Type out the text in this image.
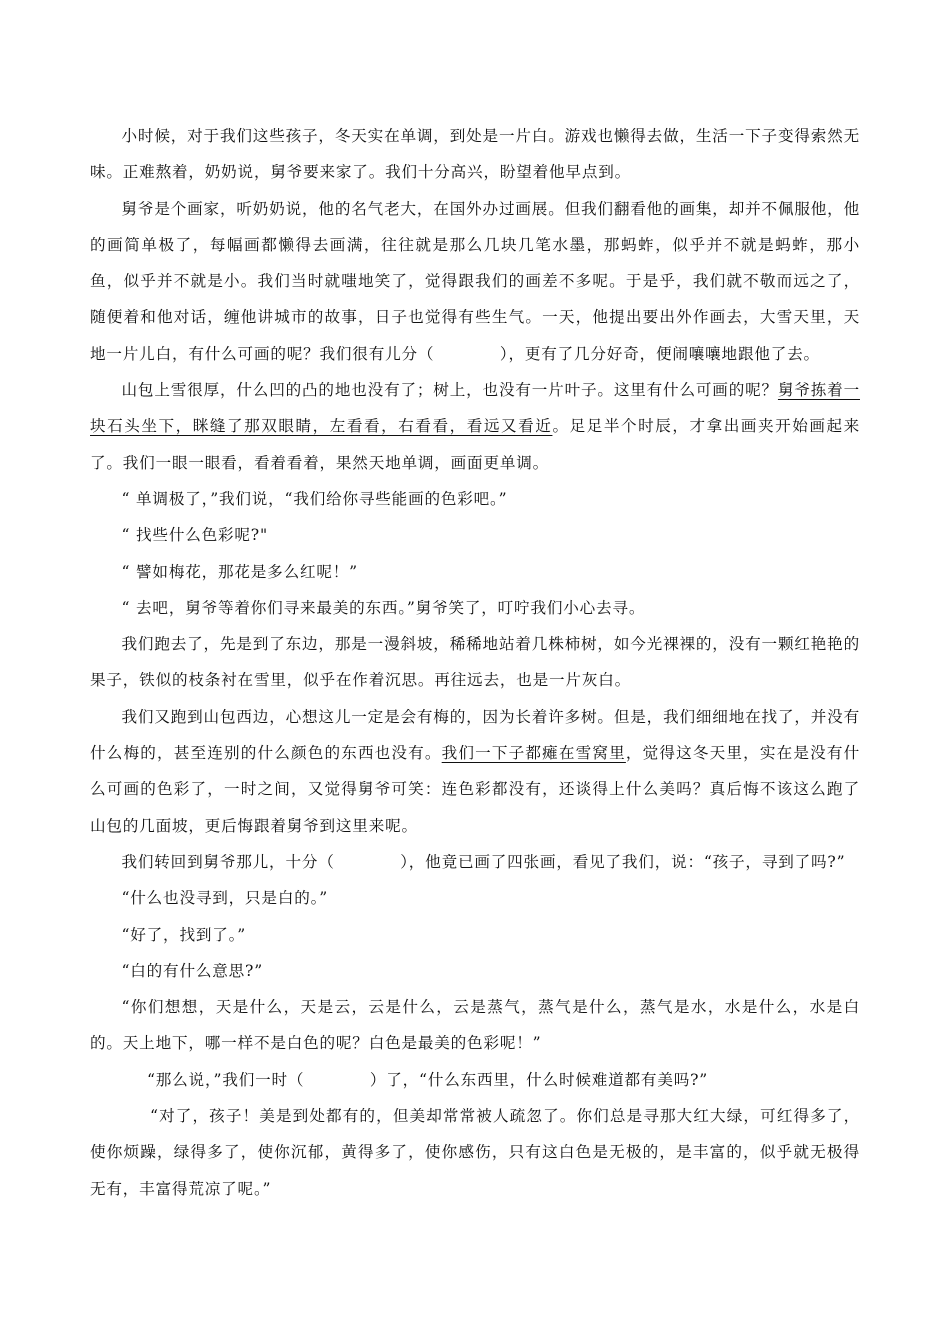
小时候，对于我们这些孩子，冬天实在单调，到处是一片白。游戏也懒得去做，生活一下子变得索然无味。正难熬着，奶奶说，舅爷要来家了。我们十分高兴，盼望着他早点到。

舅爷是个画家，听奶奶说，他的名气老大，在国外办过画展。但我们翻看他的画集，却并不佩服他，他的画简单极了，每幅画都懒得去画满，往往就是那么几块几笔水墨，那蚂蚱，似乎并不就是蚂蚱，那小鱼，似乎并不就是小。我们当时就嗤地笑了，觉得跟我们的画差不多呢。于是乎，我们就不敬而远之了，随便着和他对话，缠他讲城市的故事，日子也觉得有些生气。一天，他提出要出外作画去，大雪天里，天地一片儿白，有什么可画的呢？我们很有儿分（　　　　），更有了几分好奇，便闹嚷嚷地跟他了去。

山包上雪很厚，什么凹的凸的地也没有了；树上，也没有一片叶子。这里有什么可画的呢？舅爷拣着一块石头坐下，眯缝了那双眼睛，左看看，右看看，看远又看近。足足半个时辰，才拿出画夹开始画起来了。我们一眼一眼看，看着看着，果然天地单调，画面更单调。

“ 单调极了，”我们说，“我们给你寻些能画的色彩吧。”

“ 找些什么色彩呢?"

“ 譬如梅花，那花是多么红呢！”

“ 去吧，舅爷等着你们寻来最美的东西。”舅爷笑了，叮咛我们小心去寻。

我们跑去了，先是到了东边，那是一漫斜坡，稀稀地站着几株柿树，如今光裸裸的，没有一颗红艳艳的果子，铁似的枝条衬在雪里，似乎在作着沉思。再往远去，也是一片灰白。

我们又跑到山包西边，心想这儿一定是会有梅的，因为长着许多树。但是，我们细细地在找了，并没有什么梅的，甚至连别的什么颜色的东西也没有。我们一下子都瘫在雪窝里，觉得这冬天里，实在是没有什么可画的色彩了，一时之间，又觉得舅爷可笑：连色彩都没有，还谈得上什么美吗？真后悔不该这么跑了山包的几面坡，更后悔跟着舅爷到这里来呢。

我们转回到舅爷那儿，十分（　　　　），他竟已画了四张画，看见了我们，说：“孩子，寻到了吗?”

“什么也没寻到，只是白的。”

“好了，找到了。”

“白的有什么意思?”

“你们想想，天是什么，天是云，云是什么，云是蒸气，蒸气是什么，蒸气是水，水是什么，水是白的。天上地下，哪一样不是白色的呢？白色是最美的色彩呢！”

“那么说，”我们一时（　　　　）了，“什么东西里，什么时候难道都有美吗?”

“对了，孩子！美是到处都有的，但美却常常被人疏忽了。你们总是寻那大红大绿，可红得多了，使你烦躁，绿得多了，使你沉郁，黄得多了，使你感伤，只有这白色是无极的，是丰富的，似乎就无极得无有，丰富得荒凉了呢。”
